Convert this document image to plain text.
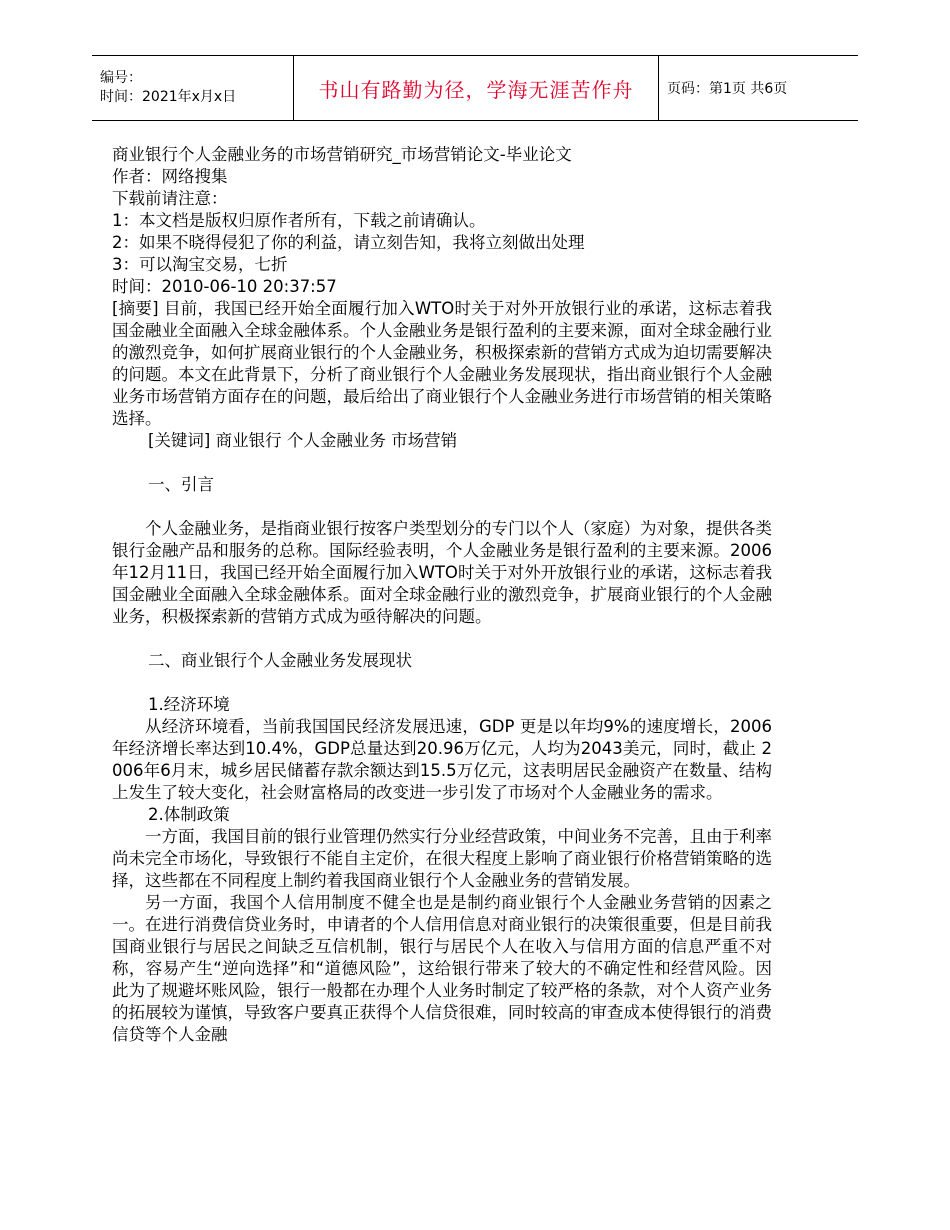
编号：
时间：2021年x月x日	书山有路勤为径，学海无涯苦作舟	页码：第1页 共6页
商业银行个人金融业务的市场营销研究_市场营销论文-毕业论文
作者：网络搜集
下载前请注意：
1：本文档是版权归原作者所有，下载之前请确认。
2：如果不晓得侵犯了你的利益，请立刻告知，我将立刻做出处理
3：可以淘宝交易，七折
时间：2010-06-10 20:37:57
[摘要] 目前，我国已经开始全面履行加入WTO时关于对外开放银行业的承诺，这标志着我国金融业全面融入全球金融体系。个人金融业务是银行盈利的主要来源，面对全球金融行业的激烈竞争，如何扩展商业银行的个人金融业务，积极探索新的营销方式成为迫切需要解决的问题。本文在此背景下，分析了商业银行个人金融业务发展现状，指出商业银行个人金融业务市场营销方面存在的问题，最后给出了商业银行个人金融业务进行市场营销的相关策略选择。
[关键词] 商业银行 个人金融业务 市场营销
一、引言
个人金融业务，是指商业银行按客户类型划分的专门以个人（家庭）为对象，提供各类银行金融产品和服务的总称。国际经验表明，个人金融业务是银行盈利的主要来源。2006年12月11日，我国已经开始全面履行加入WTO时关于对外开放银行业的承诺，这标志着我国金融业全面融入全球金融体系。面对全球金融行业的激烈竞争，扩展商业银行的个人金融业务，积极探索新的营销方式成为亟待解决的问题。
二、商业银行个人金融业务发展现状
1.经济环境
从经济环境看，当前我国国民经济发展迅速，GDP 更是以年均9%的速度增长，2006年经济增长率达到10.4%，GDP总量达到20.96万亿元，人均为2043美元，同时，截止 2006年6月末，城乡居民储蓄存款余额达到15.5万亿元，这表明居民金融资产在数量、结构上发生了较大变化，社会财富格局的改变进一步引发了市场对个人金融业务的需求。
2.体制政策
一方面，我国目前的银行业管理仍然实行分业经营政策，中间业务不完善，且由于利率尚未完全市场化，导致银行不能自主定价，在很大程度上影响了商业银行价格营销策略的选择，这些都在不同程度上制约着我国商业银行个人金融业务的营销发展。
另一方面，我国个人信用制度不健全也是是制约商业银行个人金融业务营销的因素之一。在进行消费信贷业务时，申请者的个人信用信息对商业银行的决策很重要，但是目前我国商业银行与居民之间缺乏互信机制，银行与居民个人在收入与信用方面的信息严重不对称，容易产生“逆向选择”和“道德风险”，这给银行带来了较大的不确定性和经营风险。因此为了规避坏账风险，银行一般都在办理个人业务时制定了较严格的条款，对个人资产业务的拓展较为谨慎，导致客户要真正获得个人信贷很难，同时较高的审查成本使得银行的消费信贷等个人金融
